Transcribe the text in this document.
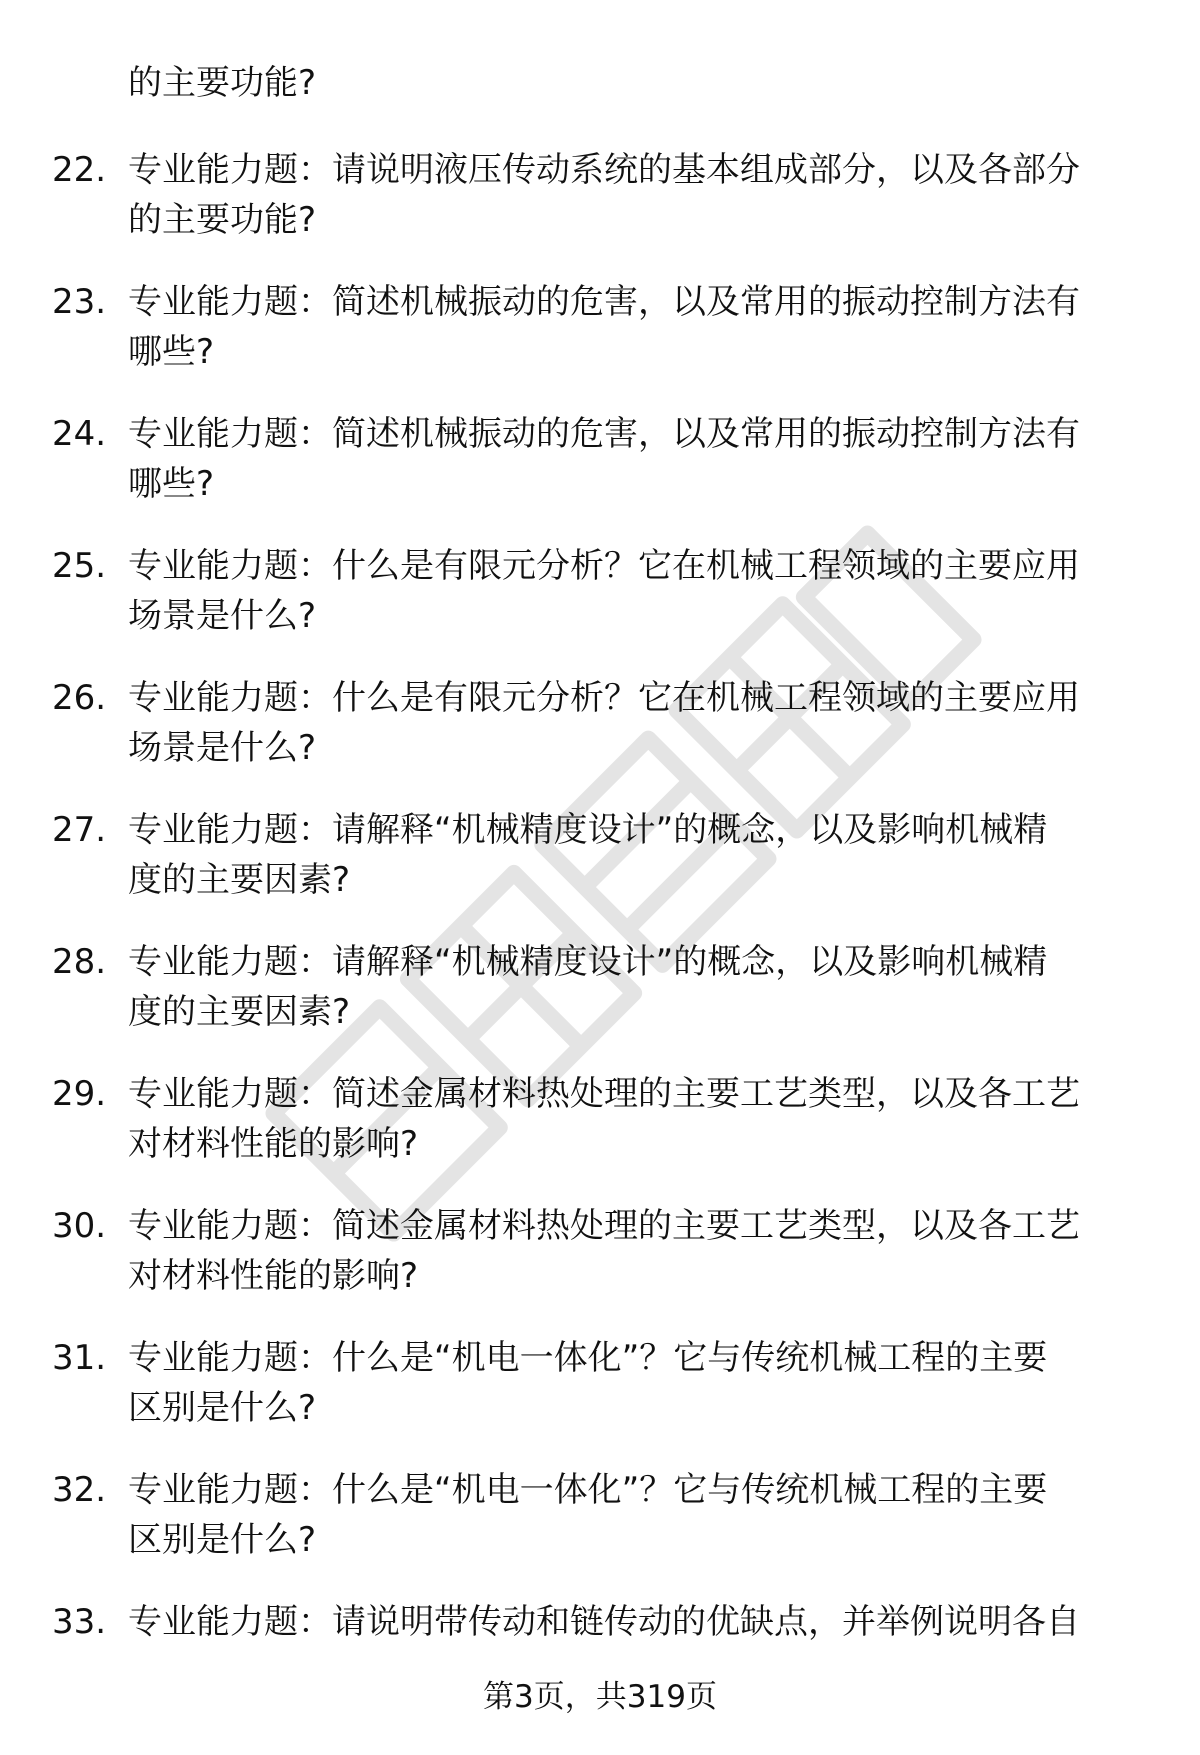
的主要功能?
22. 专业能力题：请说明液压传动系统的基本组成部分，以及各部分
的主要功能?
23. 专业能力题：简述机械振动的危害，以及常用的振动控制方法有
哪些?
24. 专业能力题：简述机械振动的危害，以及常用的振动控制方法有
哪些?
25. 专业能力题：什么是有限元分析？它在机械工程领域的主要应用
场景是什么?
26. 专业能力题：什么是有限元分析？它在机械工程领域的主要应用
场景是什么?
27. 专业能力题：请解释“机械精度设计”的概念，以及影响机械精
度的主要因素?
28. 专业能力题：请解释“机械精度设计”的概念，以及影响机械精
度的主要因素?
29. 专业能力题：简述金属材料热处理的主要工艺类型，以及各工艺
对材料性能的影响?
30. 专业能力题：简述金属材料热处理的主要工艺类型，以及各工艺
对材料性能的影响?
31. 专业能力题：什么是“机电一体化”？它与传统机械工程的主要
区别是什么?
32. 专业能力题：什么是“机电一体化”？它与传统机械工程的主要
区别是什么?
33. 专业能力题：请说明带传动和链传动的优缺点，并举例说明各自
第3页，共319页
